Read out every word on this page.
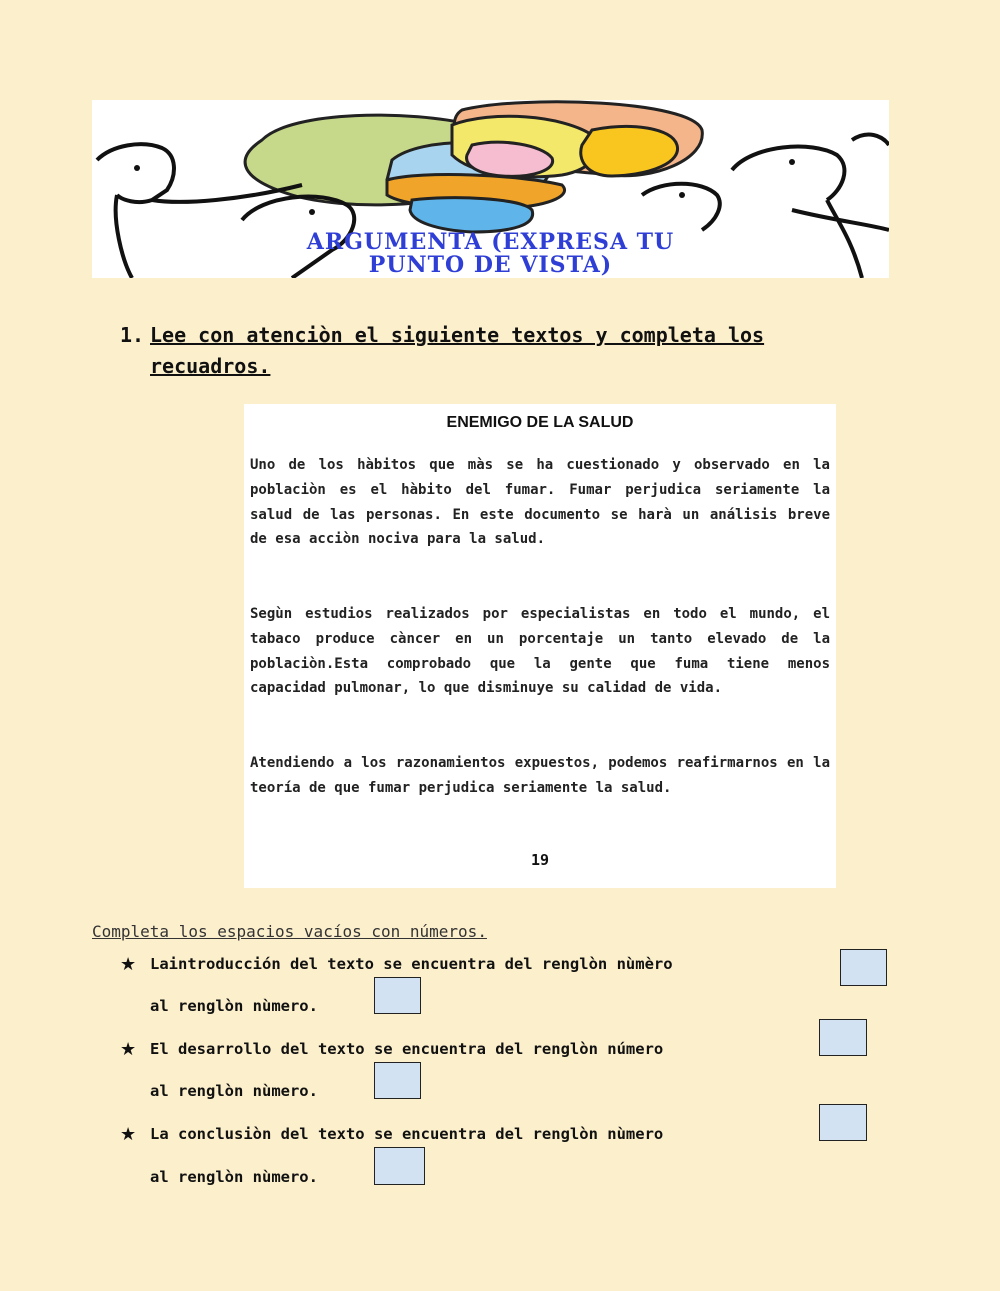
ARGUMENTA (EXPRESA TU
PUNTO DE VISTA)
1. Lee con atenciòn el siguiente textos y completa los recuadros.
ENEMIGO DE LA SALUD
Uno de los hàbitos que màs se ha cuestionado y observado en la poblaciòn es el hàbito del fumar. Fumar perjudica seriamente la salud de las personas. En este documento se harà un análisis breve de esa acciòn nociva para la salud.
Segùn estudios realizados por especialistas en todo el mundo, el tabaco produce càncer en un porcentaje un tanto elevado de la poblaciòn.Esta comprobado que la gente que fuma tiene menos capacidad pulmonar, lo que disminuye su calidad de vida.
Atendiendo a los razonamientos expuestos, podemos reafirmarnos en la teoría de que fumar perjudica seriamente la salud.
19
Completa los espacios vacíos con números.
★ Laintroducción del texto se encuentra del renglòn nùmèro
al renglòn nùmero.
★ El desarrollo del texto se encuentra del renglòn número
al renglòn nùmero.
★ La conclusiòn del texto se encuentra del renglòn nùmero
al renglòn nùmero.
